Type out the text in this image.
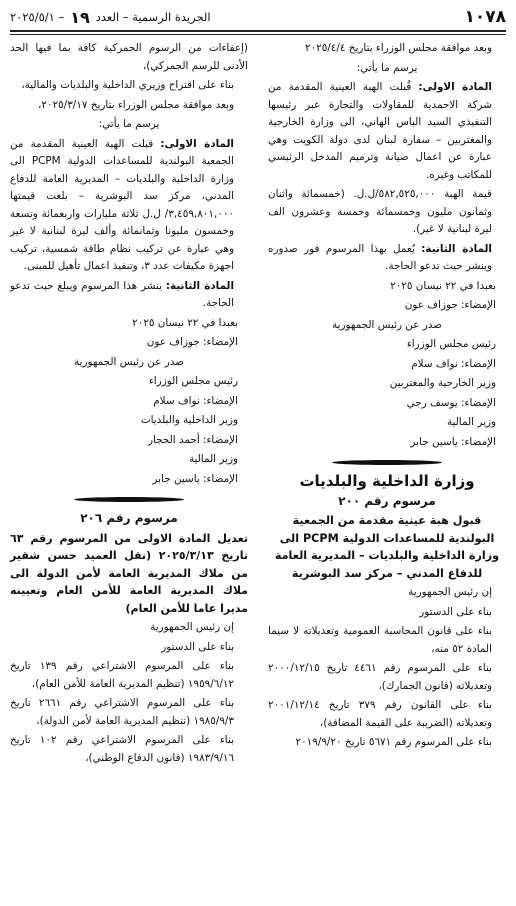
١٠٧٨
الجريدة الرسمية – العدد
١٩
– ٢٠٢٥/٥/١

وبعد موافقة مجلس الوزراء بتاريخ ٢٠٢٥/٤/٤

يرسم ما يأتي:

المادة الاولى: قُبلت الهبة العينية المقدمة من شركة الاحمدية للمقاولات والتجارة عبر رئيسها التنفيذي السيد الياس الهاني، الى وزارة الخارجية والمغتربين – سفارة لبنان لدى دولة الكويت وهي عبارة عن اعمال صيانة وترميم المدخل الرئيسي للمكاتب وغيره.

قيمة الهبة ٥٨٢,٥٢٥,٠٠٠/ل.ل. (خمسمائة واثنان وثمانون مليون وخمسمائة وخمسة وعشرون الف ليرة لبنانية لا غير).

المادة الثانية: يُعمل بهذا المرسوم فور صدوره وينشر حيث تدعو الحاجة.

بعبدا في ٢٢ نيسان ٢٠٢٥

الإمضاء: جوزاف عون

صدر عن رئيس الجمهورية

رئيس مجلس الوزراء

الإمضاء: نواف سلام

وزير الخارجية والمغتربين

الإمضاء: يوسف رجي

وزير المالية

الإمضاء: ياسين جابر

وزارة الداخلية والبلديات

مرسوم رقم ٢٠٠

قبول هبة عينية مقدمة من الجمعية البولندية للمساعدات الدولية PCPM الى وزارة الداخلية والبلديات – المديرية العامة للدفاع المدني – مركز سد البوشرية

إن رئيس الجمهورية

بناء على الدستور

بناء على قانون المحاسبة العمومية وتعديلاته لا سيما المادة ٥٢ منه،

بناء على المرسوم رقم ٤٤٦١ تاريخ ٢٠٠٠/١٢/١٥ وتعديلاته (قانون الجمارك)،

بناء على القانون رقم ٣٧٩ تاريخ ٢٠٠١/١٢/١٤ وتعديلاته (الضريبة على القيمة المضافة)،

بناء على المرسوم رقم ٥٦٧١ تاريخ ٢٠١٩/٩/٢٠

(إعفاءات من الرسوم الجمركية كافة بما فيها الحد الأدنى للرسم الجمركي)،

بناء على اقتراح وزيري الداخلية والبلديات والمالية،

وبعد موافقة مجلس الوزراء بتاريخ ٢٠٢٥/٣/١٧،

يرسم ما يأتي:

المادة الاولى: قبلت الهبة العينية المقدمة من الجمعية البولندية للمساعدات الدولية PCPM الى وزارة الداخلية والبلديات – المديرية العامة للدفاع المدني، مركز سد البوشرية – بلغت قيمتها ٣,٤٥٩,٨٠١,٠٠٠/ ل.ل ثلاثة مليارات واربعمائة وتسعة وخمسون مليونا وثمانمائة وألف ليرة لبنانية لا غير وهي عبارة عن تركيب نظام طاقة شمسية، تركيب اجهزة مكيفات عدد ٣، وتنفيذ اعمال تأهيل للمبنى.

المادة الثانية: ينشر هذا المرسوم ويبلغ حيث تدعو الحاجة.

بعبدا في ٢٢ نيسان ٢٠٢٥

الإمضاء: جوزاف عون

صدر عن رئيس الجمهورية

رئيس مجلس الوزراء

الإمضاء: نواف سلام

وزير الداخلية والبلديات

الإمضاء: أحمد الحجار

وزير المالية

الإمضاء: ياسين جابر

مرسوم رقم ٢٠٦

تعديل المادة الاولى من المرسوم رقم ٦٣ تاريخ ٢٠٢٥/٣/١٣ (نقل العميد حسن شقير من ملاك المديرية العامة لأمن الدولة الى ملاك المديرية العامة للأمن العام وتعيينه مديرا عاما للأمن العام)

إن رئيس الجمهورية

بناء على الدستور

بناء على المرسوم الاشتراعي رقم ١٣٩ تاريخ ١٩٥٩/٦/١٢ (تنظيم المديرية العامة للأمن العام)،

بناء على المرسوم الاشتراعي رقم ٢٦٦١ تاريخ ١٩٨٥/٩/٣ (تنظيم المديرية العامة لأمن الدولة)،

بناء على المرسوم الاشتراعي رقم ١٠٢ تاريخ ١٩٨٣/٩/١٦ (قانون الدفاع الوطني)،
